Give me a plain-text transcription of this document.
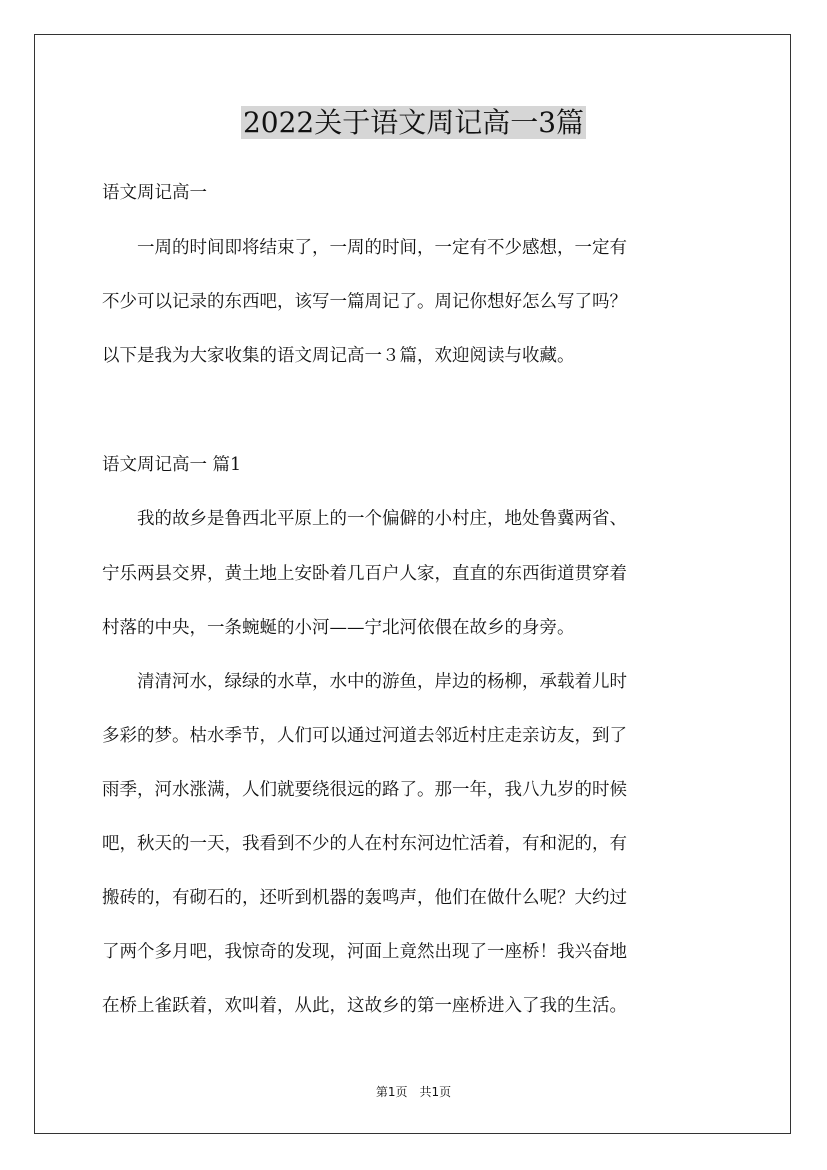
2022关于语文周记高一3篇

语文周记高一

　　一周的时间即将结束了，一周的时间，一定有不少感想，一定有

不少可以记录的东西吧，该写一篇周记了。周记你想好怎么写了吗？

以下是我为大家收集的语文周记高一３篇，欢迎阅读与收藏。

语文周记高一 篇1

　　我的故乡是鲁西北平原上的一个偏僻的小村庄，地处鲁冀两省、

宁乐两县交界，黄土地上安卧着几百户人家，直直的东西街道贯穿着

村落的中央，一条蜿蜒的小河——宁北河依偎在故乡的身旁。

　　清清河水，绿绿的水草，水中的游鱼，岸边的杨柳，承载着儿时

多彩的梦。枯水季节，人们可以通过河道去邻近村庄走亲访友，到了

雨季，河水涨满，人们就要绕很远的路了。那一年，我八九岁的时候

吧，秋天的一天，我看到不少的人在村东河边忙活着，有和泥的，有

搬砖的，有砌石的，还听到机器的轰鸣声，他们在做什么呢？大约过

了两个多月吧，我惊奇的发现，河面上竟然出现了一座桥！我兴奋地

在桥上雀跃着，欢叫着，从此，这故乡的第一座桥进入了我的生活。

第1页　共1页
